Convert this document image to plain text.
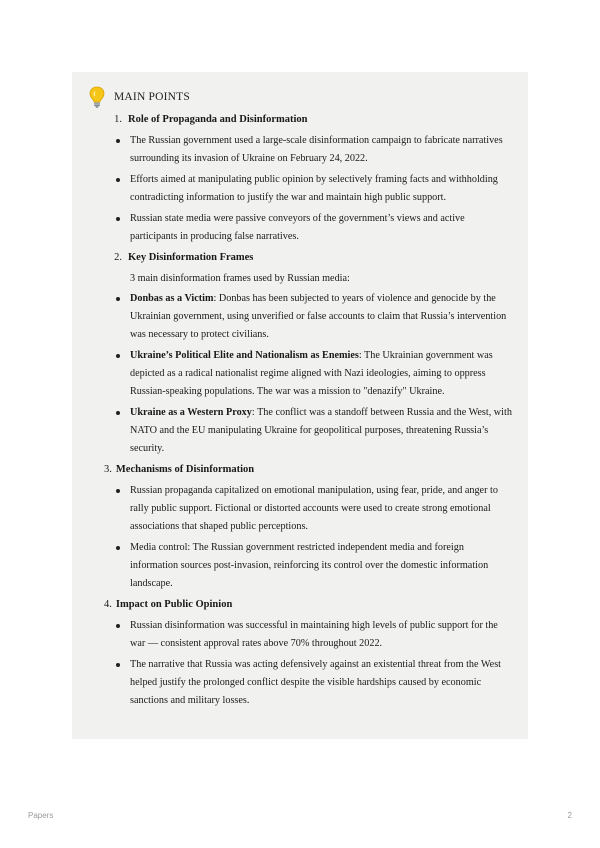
MAIN POINTS
1. Role of Propaganda and Disinformation
The Russian government used a large-scale disinformation campaign to fabricate narratives surrounding its invasion of Ukraine on February 24, 2022.
Efforts aimed at manipulating public opinion by selectively framing facts and withholding contradicting information to justify the war and maintain high public support.
Russian state media were passive conveyors of the government’s views and active participants in producing false narratives.
2. Key Disinformation Frames
3 main disinformation frames used by Russian media:
Donbas as a Victim: Donbas has been subjected to years of violence and genocide by the Ukrainian government, using unverified or false accounts to claim that Russia’s intervention was necessary to protect civilians.
Ukraine’s Political Elite and Nationalism as Enemies: The Ukrainian government was depicted as a radical nationalist regime aligned with Nazi ideologies, aiming to oppress Russian-speaking populations. The war was a mission to "denazify" Ukraine.
Ukraine as a Western Proxy: The conflict was a standoff between Russia and the West, with NATO and the EU manipulating Ukraine for geopolitical purposes, threatening Russia’s security.
3. Mechanisms of Disinformation
Russian propaganda capitalized on emotional manipulation, using fear, pride, and anger to rally public support. Fictional or distorted accounts were used to create strong emotional associations that shaped public perceptions.
Media control: The Russian government restricted independent media and foreign information sources post-invasion, reinforcing its control over the domestic information landscape.
4. Impact on Public Opinion
Russian disinformation was successful in maintaining high levels of public support for the war — consistent approval rates above 70% throughout 2022.
The narrative that Russia was acting defensively against an existential threat from the West helped justify the prolonged conflict despite the visible hardships caused by economic sanctions and military losses.
Papers	2
